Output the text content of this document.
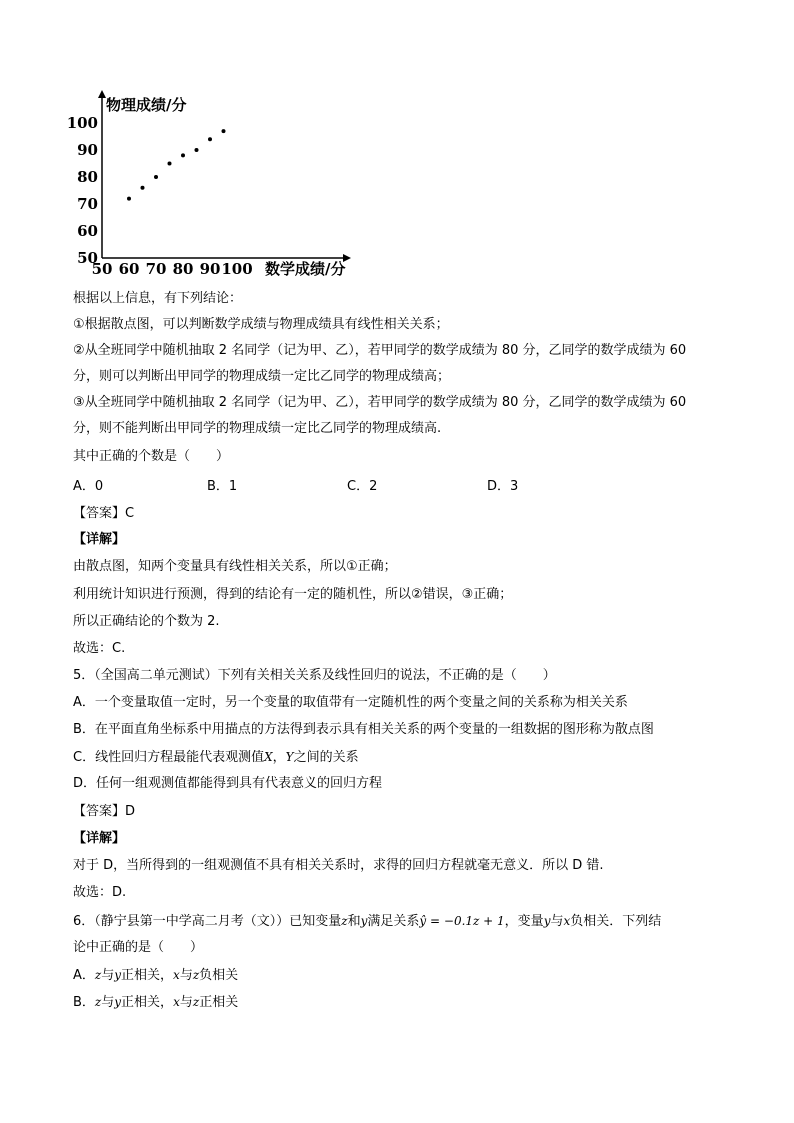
物理成绩/分
数学成绩/分
50
60
70
80
90
100
50 60 70 80 90 100
根据以上信息，有下列结论：
①根据散点图，可以判断数学成绩与物理成绩具有线性相关关系；
②从全班同学中随机抽取 2 名同学（记为甲、乙），若甲同学的数学成绩为 80 分，乙同学的数学成绩为 60
分，则可以判断出甲同学的物理成绩一定比乙同学的物理成绩高；
③从全班同学中随机抽取 2 名同学（记为甲、乙），若甲同学的数学成绩为 80 分，乙同学的数学成绩为 60
分，则不能判断出甲同学的物理成绩一定比乙同学的物理成绩高.
其中正确的个数是（　　）
A．0	B．1	C．2	D．3
【答案】C
【详解】
由散点图，知两个变量具有线性相关关系，所以①正确；
利用统计知识进行预测，得到的结论有一定的随机性，所以②错误，③正确；
所以正确结论的个数为 2.
故选：C.
5．（全国高二单元测试）下列有关相关关系及线性回归的说法，不正确的是（　　）
A．一个变量取值一定时，另一个变量的取值带有一定随机性的两个变量之间的关系称为相关关系
B．在平面直角坐标系中用描点的方法得到表示具有相关关系的两个变量的一组数据的图形称为散点图
C．线性回归方程最能代表观测值X，Y之间的关系
D．任何一组观测值都能得到具有代表意义的回归方程
【答案】D
【详解】
对于 D，当所得到的一组观测值不具有相关关系时，求得的回归方程就毫无意义．所以 D 错.
故选：D.
6．（静宁县第一中学高二月考（文））已知变量z和y满足关系ŷ = −0.1z + 1，变量y与x负相关．下列结
论中正确的是（　　）
A．z与y正相关，x与z负相关
B．z与y正相关，x与z正相关
